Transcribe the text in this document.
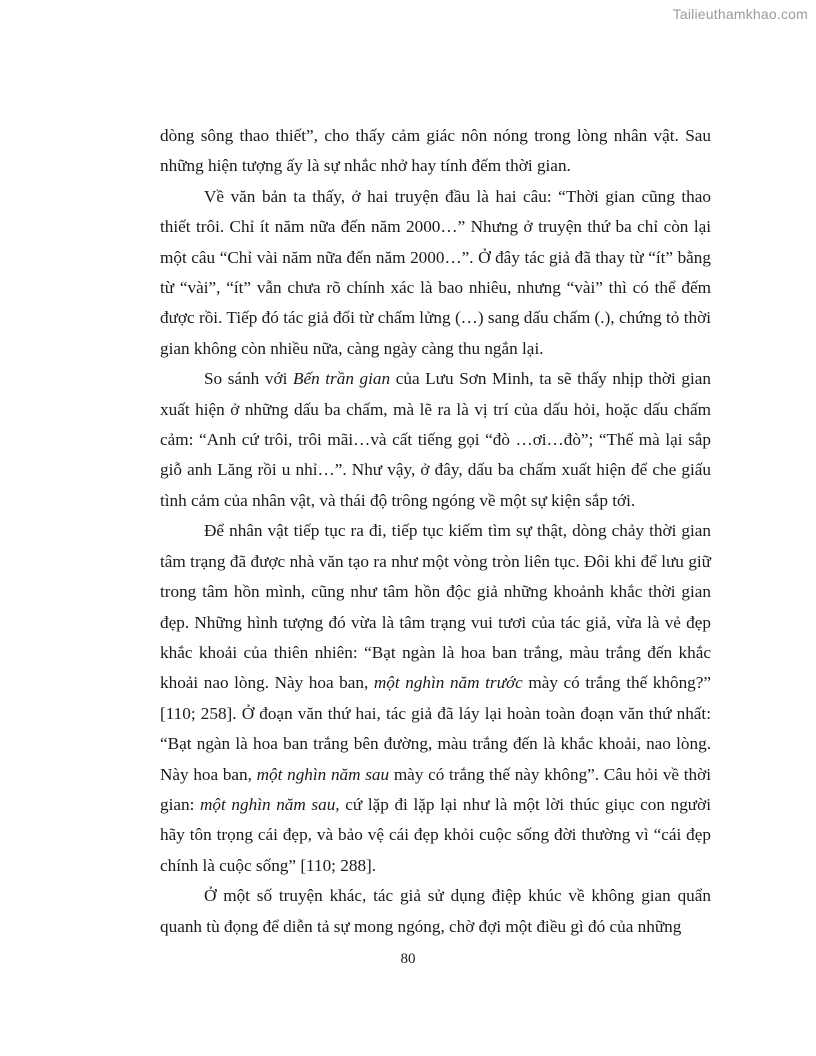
Tailieuthamkhao.com

dòng sông thao thiết”, cho thấy cảm giác nôn nóng trong lòng nhân vật. Sau những hiện tượng ấy là sự nhắc nhở hay tính đếm thời gian.

Về văn bản ta thấy, ở hai truyện đầu là hai câu: “Thời gian cũng thao thiết trôi. Chỉ ít năm nữa đến năm 2000…” Nhưng ở truyện thứ ba chỉ còn lại một câu “Chỉ vài năm nữa đến năm 2000…”. Ở đây tác giả đã thay từ “ít” bằng từ “vài”, “ít” vẫn chưa rõ chính xác là bao nhiêu, nhưng “vài” thì có thể đếm được rồi. Tiếp đó tác giả đổi từ chấm lửng (…) sang dấu chấm (.), chứng tỏ thời gian không còn nhiều nữa, càng ngày càng thu ngắn lại.

So sánh với Bến trần gian của Lưu Sơn Minh, ta sẽ thấy nhịp thời gian xuất hiện ở những dấu ba chấm, mà lẽ ra là vị trí của dấu hỏi, hoặc dấu chấm cảm: “Anh cứ trôi, trôi mãi…và cất tiếng gọi “đò …ơi…đò”; “Thế mà lại sắp giỗ anh Lăng rồi u nhỉ…”. Như vậy, ở đây, dấu ba chấm xuất hiện để che giấu tình cảm của nhân vật, và thái độ trông ngóng về một sự kiện sắp tới.

Để nhân vật tiếp tục ra đi, tiếp tục kiếm tìm sự thật, dòng chảy thời gian tâm trạng đã được nhà văn tạo ra như một vòng tròn liên tục. Đôi khi để lưu giữ trong tâm hồn mình, cũng như tâm hồn độc giả những khoảnh khắc thời gian đẹp. Những hình tượng đó vừa là tâm trạng vui tươi của tác giả, vừa là vẻ đẹp khắc khoải của thiên nhiên: “Bạt ngàn là hoa ban trắng, màu trắng đến khắc khoải nao lòng. Này hoa ban, một nghìn năm trước mày có trắng thế không?” [110; 258]. Ở đoạn văn thứ hai, tác giả đã láy lại hoàn toàn đoạn văn thứ nhất: “Bạt ngàn là hoa ban trắng bên đường, màu trắng đến là khắc khoải, nao lòng. Này hoa ban, một nghìn năm sau mày có trắng thế này không”. Câu hỏi về thời gian: một nghìn năm sau, cứ lặp đi lặp lại như là một lời thúc giục con người hãy tôn trọng cái đẹp, và bảo vệ cái đẹp khỏi cuộc sống đời thường vì “cái đẹp chính là cuộc sống” [110; 288].

Ở một số truyện khác, tác giả sử dụng điệp khúc về không gian quẩn quanh tù đọng để diễn tả sự mong ngóng, chờ đợi một điều gì đó của những

80
